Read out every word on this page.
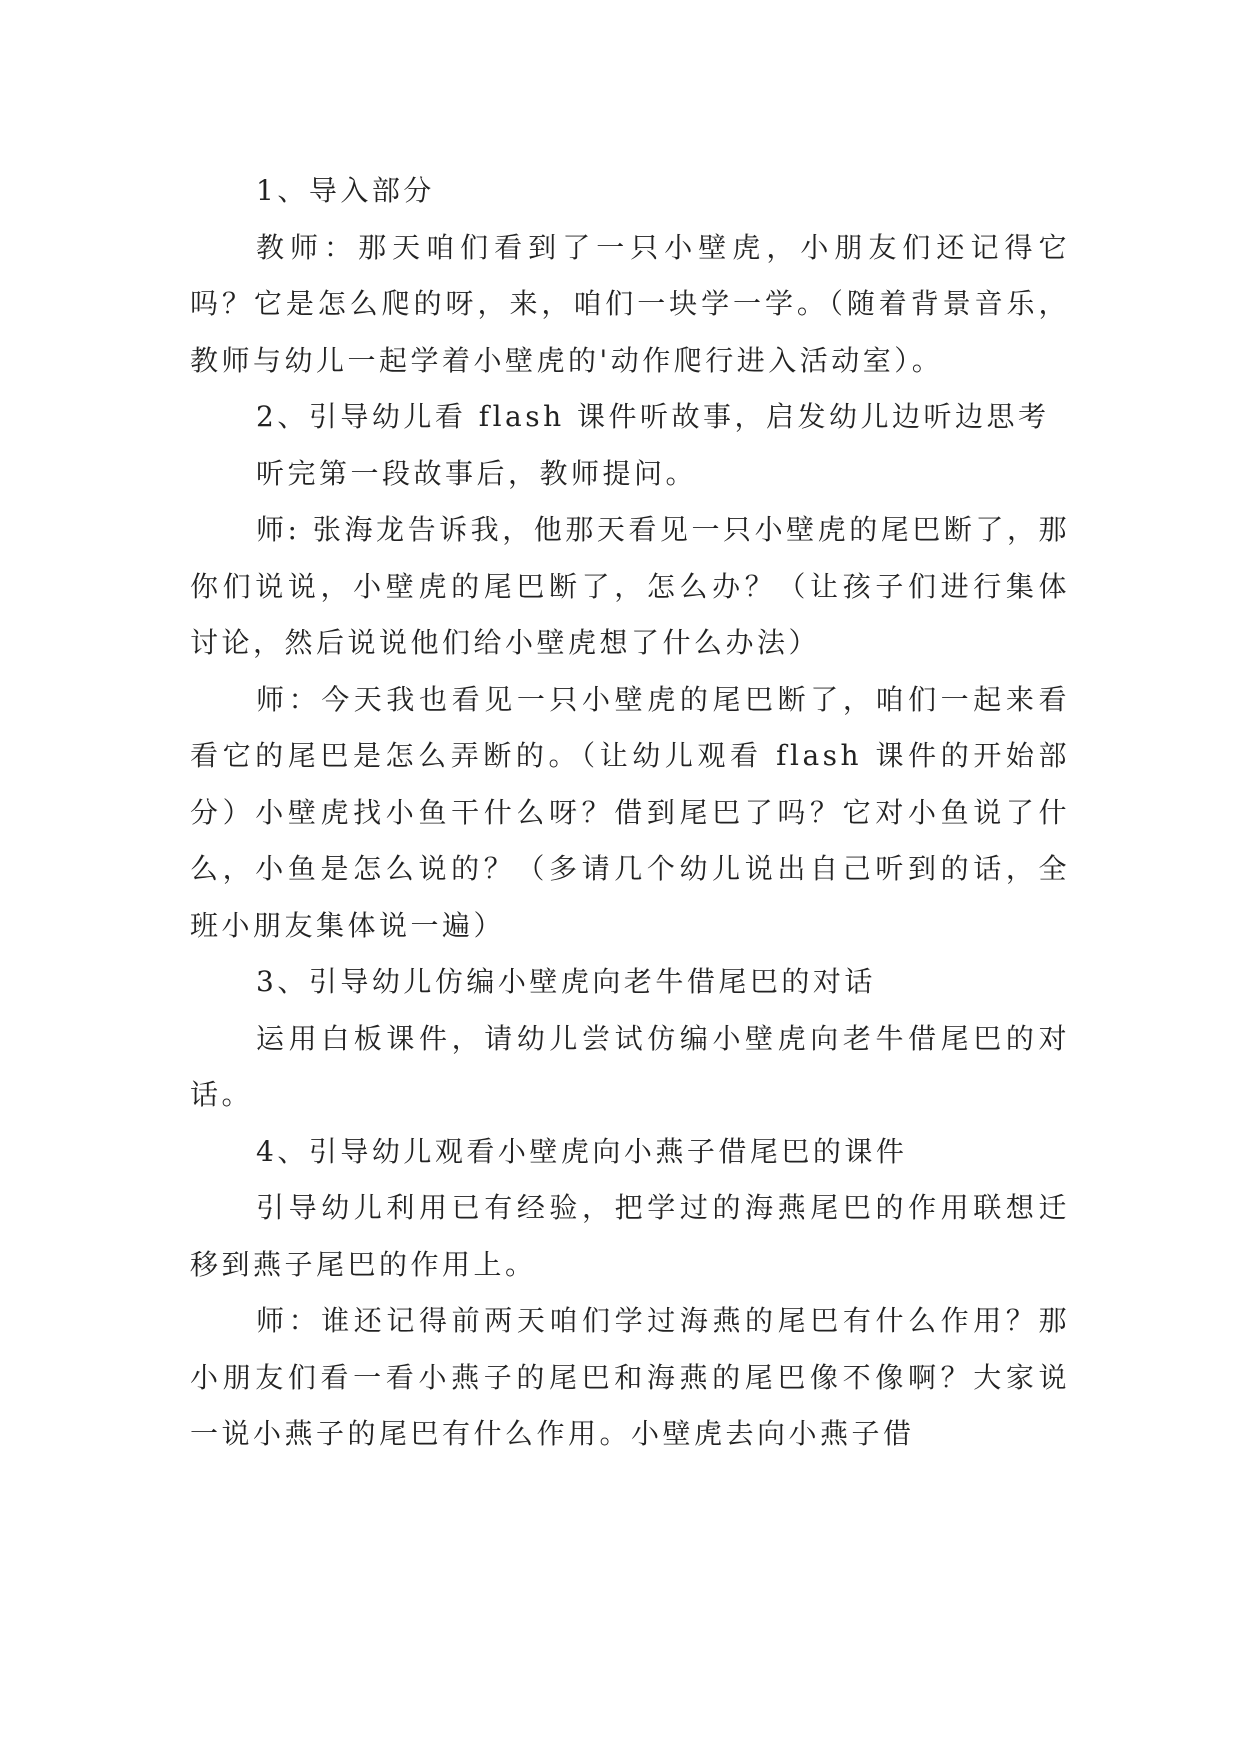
1、导入部分

教师：那天咱们看到了一只小壁虎，小朋友们还记得它吗？它是怎么爬的呀，来，咱们一块学一学。（随着背景音乐，教师与幼儿一起学着小壁虎的'动作爬行进入活动室）。

2、引导幼儿看 flash 课件听故事，启发幼儿边听边思考

听完第一段故事后，教师提问。

师: 张海龙告诉我，他那天看见一只小壁虎的尾巴断了，那你们说说，小壁虎的尾巴断了，怎么办？（让孩子们进行集体讨论，然后说说他们给小壁虎想了什么办法）

师：今天我也看见一只小壁虎的尾巴断了，咱们一起来看看它的尾巴是怎么弄断的。（让幼儿观看 flash 课件的开始部分）小壁虎找小鱼干什么呀？借到尾巴了吗？它对小鱼说了什么，小鱼是怎么说的？（多请几个幼儿说出自己听到的话，全班小朋友集体说一遍）

3、引导幼儿仿编小壁虎向老牛借尾巴的对话

运用白板课件，请幼儿尝试仿编小壁虎向老牛借尾巴的对话。

4、引导幼儿观看小壁虎向小燕子借尾巴的课件

引导幼儿利用已有经验，把学过的海燕尾巴的作用联想迁移到燕子尾巴的作用上。

师：谁还记得前两天咱们学过海燕的尾巴有什么作用？那小朋友们看一看小燕子的尾巴和海燕的尾巴像不像啊？大家说一说小燕子的尾巴有什么作用。小壁虎去向小燕子借
